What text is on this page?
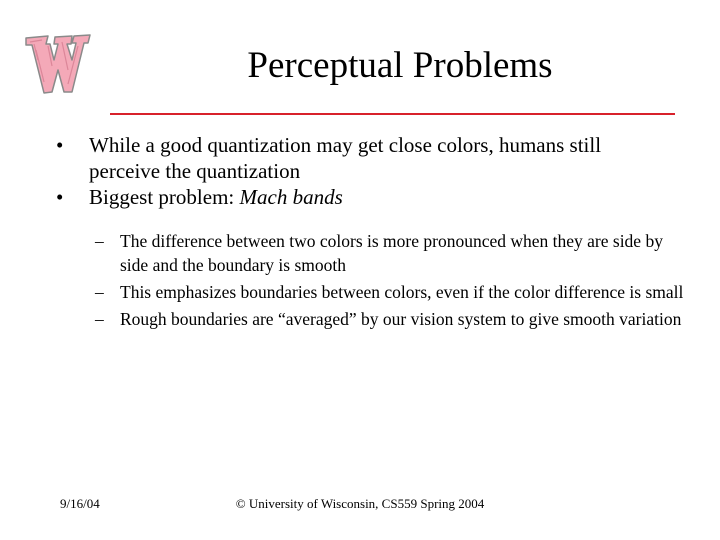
Perceptual Problems
• While a good quantization may get close colors, humans still perceive the quantization
• Biggest problem: Mach bands
– The difference between two colors is more pronounced when they are side by side and the boundary is smooth
– This emphasizes boundaries between colors, even if the color difference is small
– Rough boundaries are “averaged” by our vision system to give smooth variation
9/16/04	© University of Wisconsin, CS559 Spring 2004
